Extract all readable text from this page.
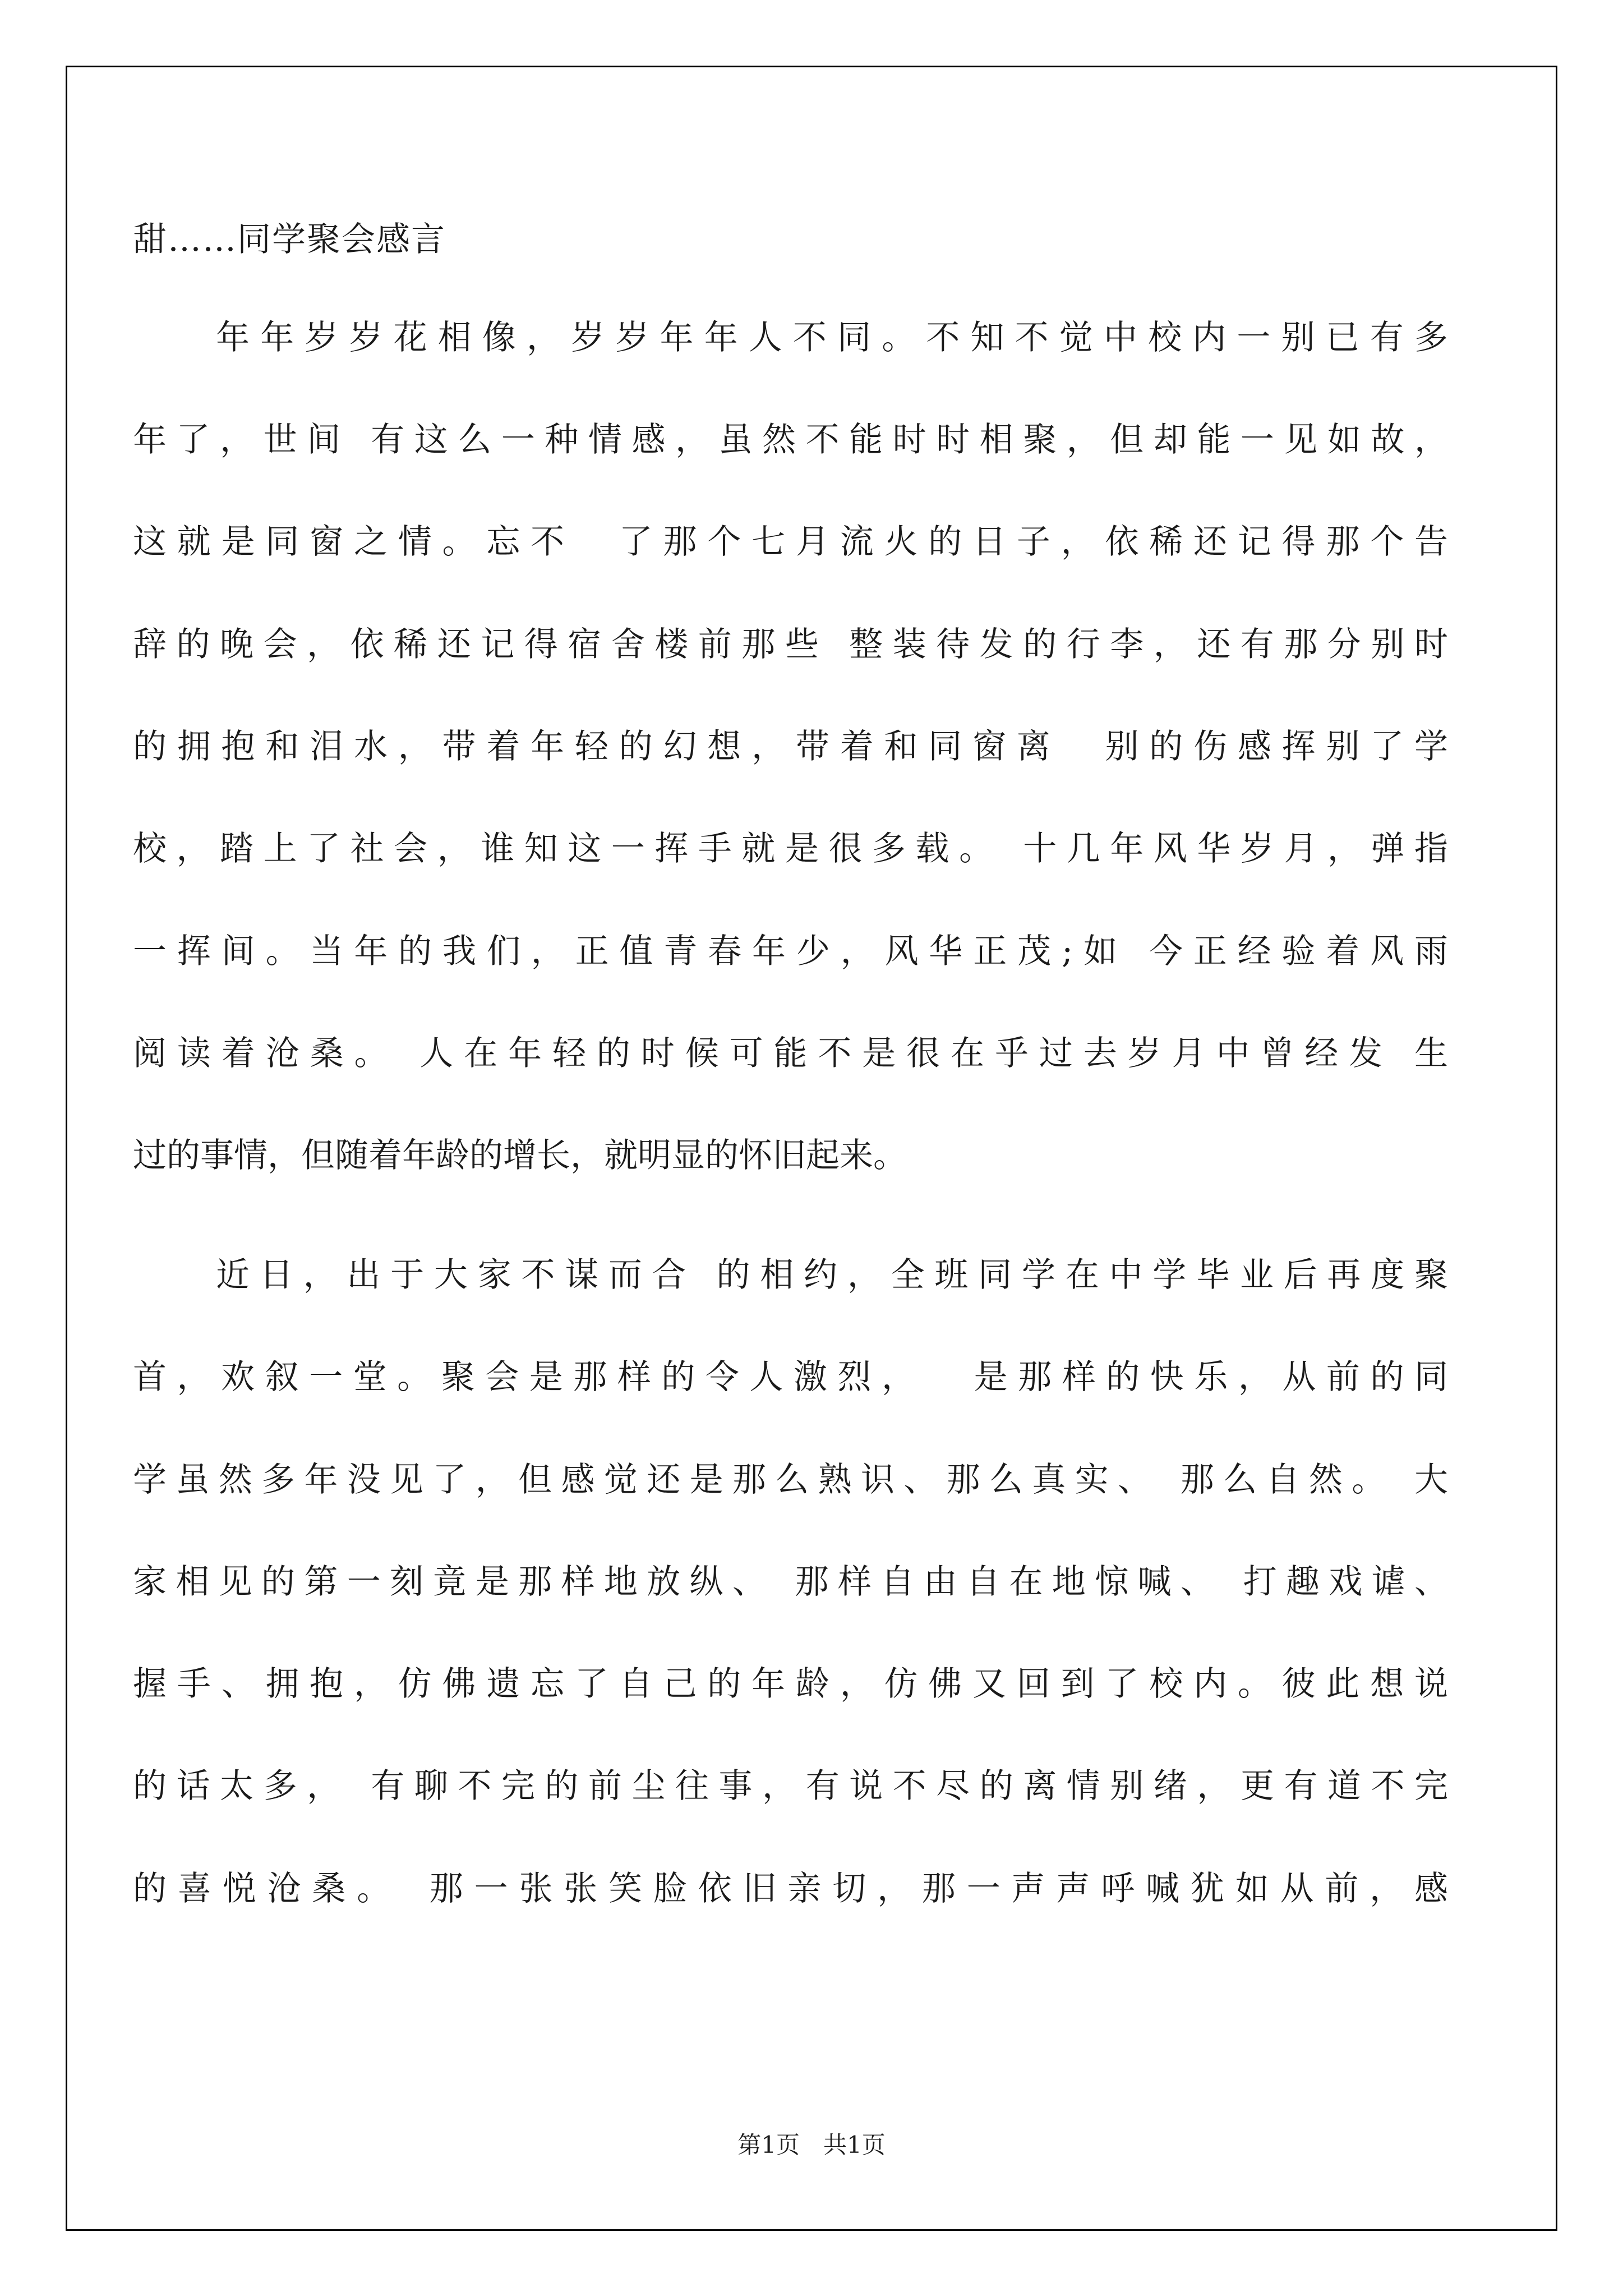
甜……同学聚会感言
年年岁岁花相像，岁岁年年人不同。不知不觉中校内一别已有多
年了，世间 有这么一种情感，虽然不能时时相聚，但却能一见如故，
这就是同窗之情。忘不　了那个七月流火的日子，依稀还记得那个告
辞的晚会，依稀还记得宿舍楼前那些 整装待发的行李，还有那分别时
的拥抱和泪水，带着年轻的幻想，带着和同窗离　别的伤感挥别了学
校，踏上了社会，谁知这一挥手就是很多载。 十几年风华岁月，弹指
一挥间。当年的我们，正值青春年少，风华正茂;如 今正经验着风雨
阅读着沧桑。 人在年轻的时候可能不是很在乎过去岁月中曾经发 生
过的事情，但随着年龄的增长，就明显的怀旧起来。
近日，出于大家不谋而合 的相约，全班同学在中学毕业后再度聚
首，欢叙一堂。聚会是那样的令人激烈，　 是那样的快乐，从前的同
学虽然多年没见了，但感觉还是那么熟识、那么真实、 那么自然。 大
家相见的第一刻竟是那样地放纵、 那样自由自在地惊喊、 打趣戏谑、
握手、拥抱，仿佛遗忘了自己的年龄，仿佛又回到了校内。彼此想说
的话太多， 有聊不完的前尘往事，有说不尽的离情别绪，更有道不完
的喜悦沧桑。　那一张张笑脸依旧亲切，那一声声呼喊犹如从前，感
第1页　共1页
